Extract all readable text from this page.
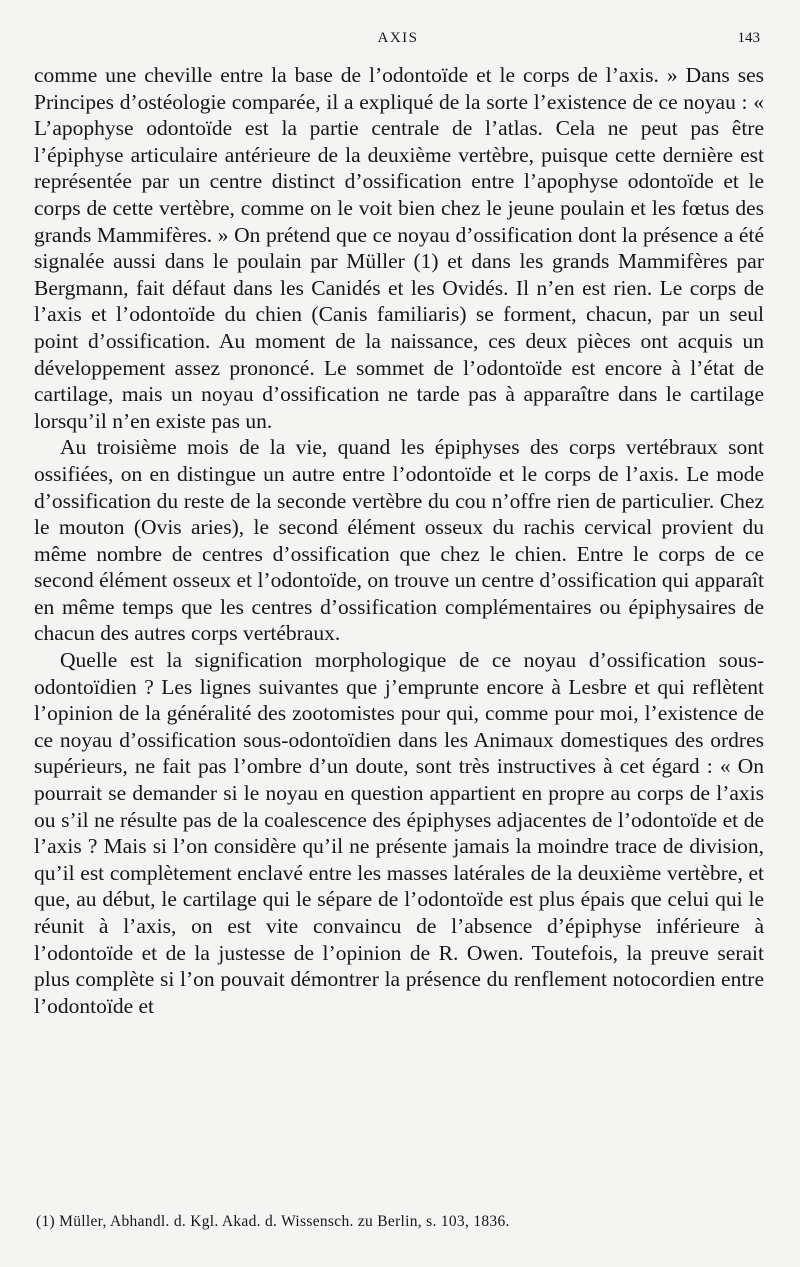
AXIS	143

comme une cheville entre la base de l’odontoïde et le corps de l’axis. » Dans ses Principes d’ostéologie comparée, il a expliqué de la sorte l’existence de ce noyau : « L’apophyse odontoïde est la partie centrale de l’atlas. Cela ne peut pas être l’épiphyse articulaire antérieure de la deuxième vertèbre, puisque cette dernière est représentée par un centre distinct d’ossification entre l’apophyse odontoïde et le corps de cette vertèbre, comme on le voit bien chez le jeune poulain et les fœtus des grands Mammifères. » On prétend que ce noyau d’ossification dont la présence a été signalée aussi dans le poulain par Müller (1) et dans les grands Mammifères par Bergmann, fait défaut dans les Canidés et les Ovidés. Il n’en est rien. Le corps de l’axis et l’odontoïde du chien (Canis familiaris) se forment, chacun, par un seul point d’ossification. Au moment de la naissance, ces deux pièces ont acquis un développement assez prononcé. Le sommet de l’odontoïde est encore à l’état de cartilage, mais un noyau d’ossification ne tarde pas à apparaître dans le cartilage lorsqu’il n’en existe pas un.

Au troisième mois de la vie, quand les épiphyses des corps vertébraux sont ossifiées, on en distingue un autre entre l’odontoïde et le corps de l’axis. Le mode d’ossification du reste de la seconde vertèbre du cou n’offre rien de particulier. Chez le mouton (Ovis aries), le second élément osseux du rachis cervical provient du même nombre de centres d’ossification que chez le chien. Entre le corps de ce second élément osseux et l’odontoïde, on trouve un centre d’ossification qui apparaît en même temps que les centres d’ossification complémentaires ou épiphysaires de chacun des autres corps vertébraux.

Quelle est la signification morphologique de ce noyau d’ossification sous-odontoïdien ? Les lignes suivantes que j’emprunte encore à Lesbre et qui reflètent l’opinion de la généralité des zootomistes pour qui, comme pour moi, l’existence de ce noyau d’ossification sous-odontoïdien dans les Animaux domestiques des ordres supérieurs, ne fait pas l’ombre d’un doute, sont très instructives à cet égard : « On pourrait se demander si le noyau en question appartient en propre au corps de l’axis ou s’il ne résulte pas de la coalescence des épiphyses adjacentes de l’odontoïde et de l’axis ? Mais si l’on considère qu’il ne présente jamais la moindre trace de division, qu’il est complètement enclavé entre les masses latérales de la deuxième vertèbre, et que, au début, le cartilage qui le sépare de l’odontoïde est plus épais que celui qui le réunit à l’axis, on est vite convaincu de l’absence d’épiphyse inférieure à l’odontoïde et de la justesse de l’opinion de R. Owen. Toutefois, la preuve serait plus complète si l’on pouvait démontrer la présence du renflement notocordien entre l’odontoïde et

(1) Müller, Abhandl. d. Kgl. Akad. d. Wissensch. zu Berlin, s. 103, 1836.
